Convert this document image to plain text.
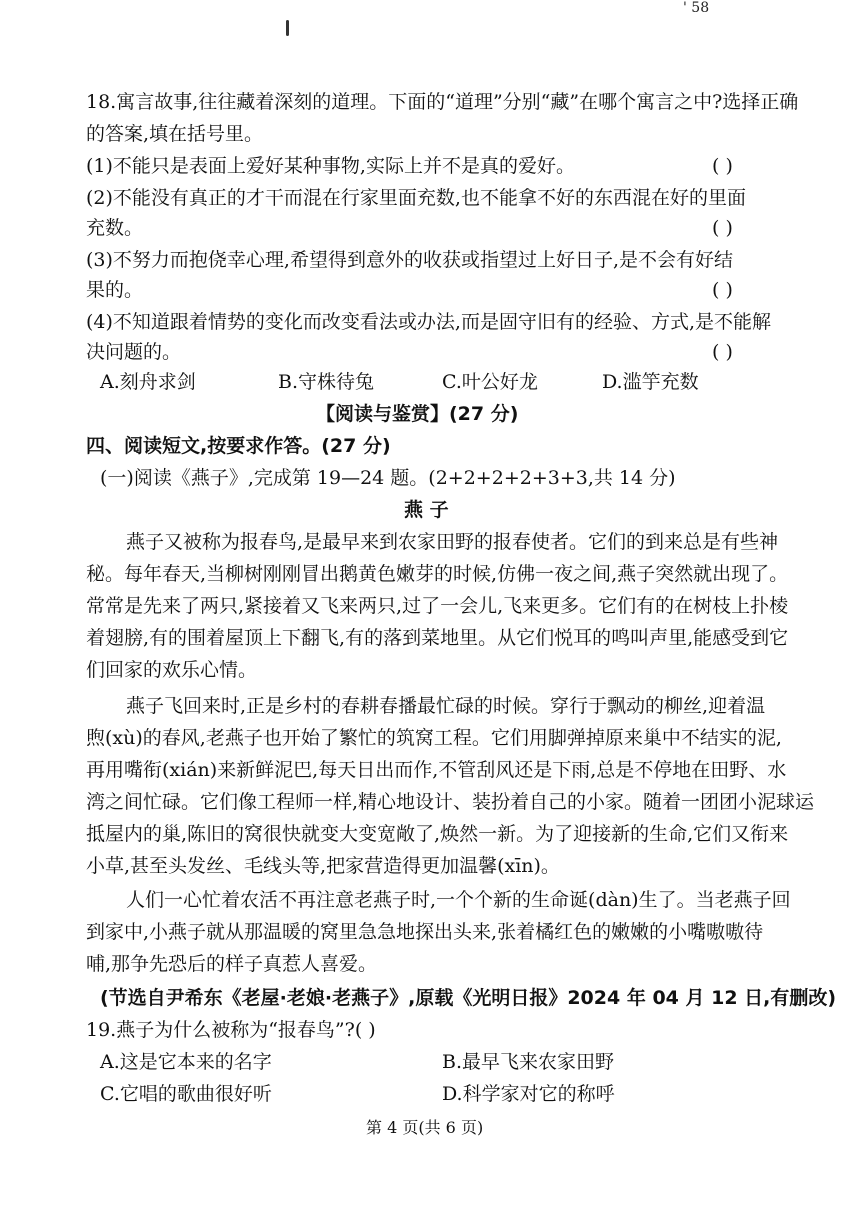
' 58
18.寓言故事,往往藏着深刻的道理。下面的“道理”分别“藏”在哪个寓言之中?选择正确
的答案,填在括号里。
(1)不能只是表面上爱好某种事物,实际上并不是真的爱好。	( )
(2)不能没有真正的才干而混在行家里面充数,也不能拿不好的东西混在好的里面
充数。	( )
(3)不努力而抱侥幸心理,希望得到意外的收获或指望过上好日子,是不会有好结
果的。	( )
(4)不知道跟着情势的变化而改变看法或办法,而是固守旧有的经验、方式,是不能解
决问题的。	( )
A.刻舟求剑	B.守株待兔	C.叶公好龙	D.滥竽充数
【阅读与鉴赏】(27 分)
四、阅读短文,按要求作答。(27 分)
(一)阅读《燕子》,完成第 19—24 题。(2+2+2+2+3+3,共 14 分)
燕 子
燕子又被称为报春鸟,是最早来到农家田野的报春使者。它们的到来总是有些神
秘。每年春天,当柳树刚刚冒出鹅黄色嫩芽的时候,仿佛一夜之间,燕子突然就出现了。
常常是先来了两只,紧接着又飞来两只,过了一会儿,飞来更多。它们有的在树枝上扑棱
着翅膀,有的围着屋顶上下翻飞,有的落到菜地里。从它们悦耳的鸣叫声里,能感受到它
们回家的欢乐心情。
燕子飞回来时,正是乡村的春耕春播最忙碌的时候。穿行于飘动的柳丝,迎着温
煦(xù)的春风,老燕子也开始了繁忙的筑窝工程。它们用脚弹掉原来巢中不结实的泥,
再用嘴衔(xián)来新鲜泥巴,每天日出而作,不管刮风还是下雨,总是不停地在田野、水
湾之间忙碌。它们像工程师一样,精心地设计、装扮着自己的小家。随着一团团小泥球运
抵屋内的巢,陈旧的窝很快就变大变宽敞了,焕然一新。为了迎接新的生命,它们又衔来
小草,甚至头发丝、毛线头等,把家营造得更加温馨(xīn)。
人们一心忙着农活不再注意老燕子时,一个个新的生命诞(dàn)生了。当老燕子回
到家中,小燕子就从那温暖的窝里急急地探出头来,张着橘红色的嫩嫩的小嘴嗷嗷待
哺,那争先恐后的样子真惹人喜爱。
(节选自尹希东《老屋·老娘·老燕子》,原载《光明日报》2024 年 04 月 12 日,有删改)
19.燕子为什么被称为“报春鸟”?( )
A.这是它本来的名字	B.最早飞来农家田野
C.它唱的歌曲很好听	D.科学家对它的称呼
第 4 页(共 6 页)
